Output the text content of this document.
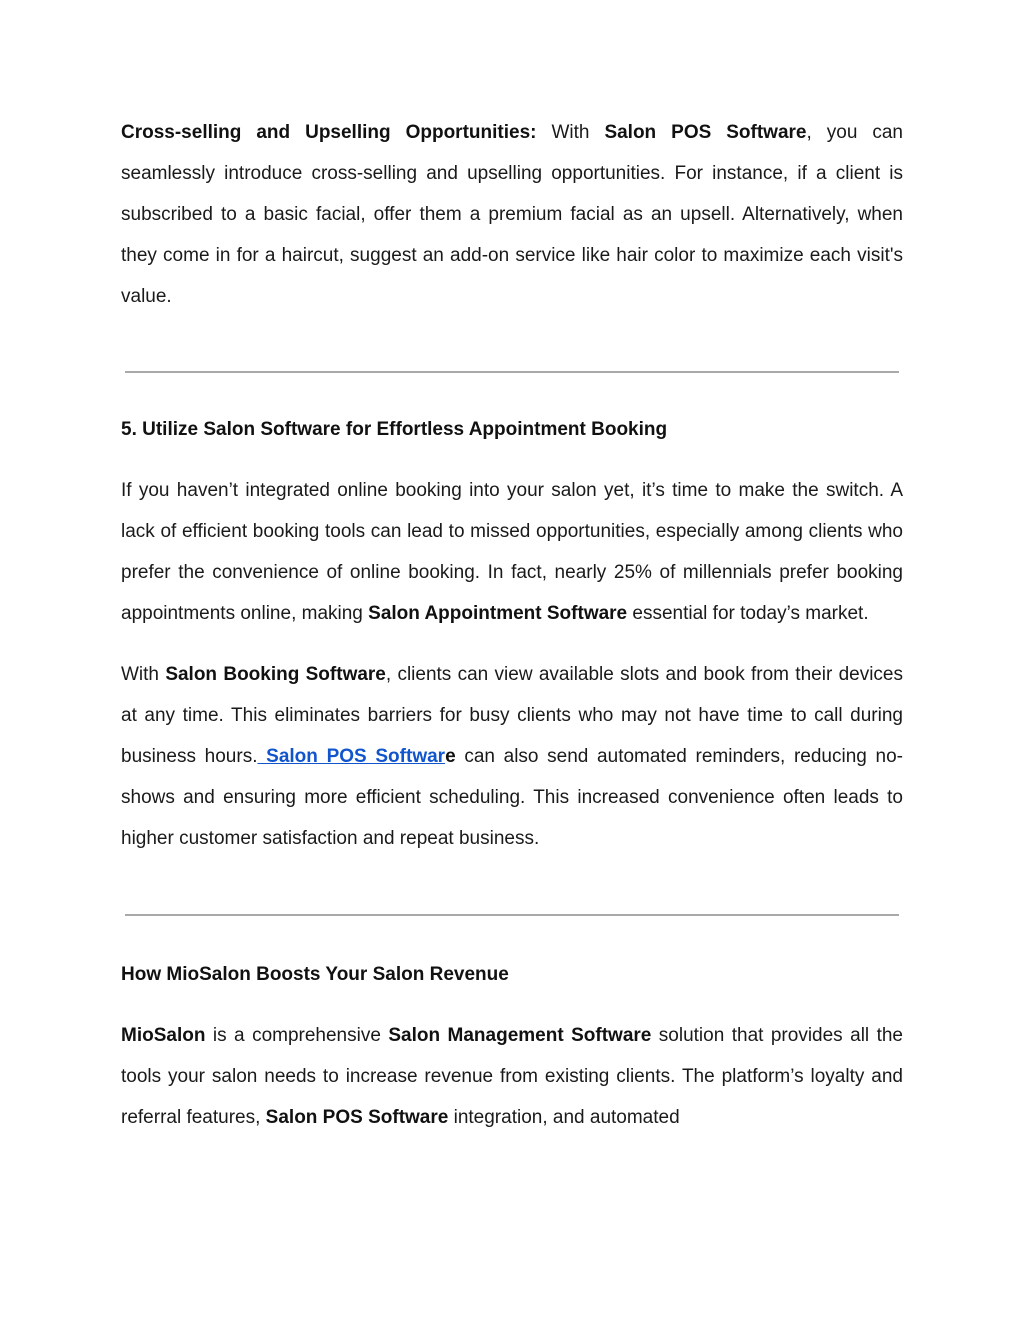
Cross-selling and Upselling Opportunities: With Salon POS Software, you can seamlessly introduce cross-selling and upselling opportunities. For instance, if a client is subscribed to a basic facial, offer them a premium facial as an upsell. Alternatively, when they come in for a haircut, suggest an add-on service like hair color to maximize each visit's value.

5. Utilize Salon Software for Effortless Appointment Booking

If you haven’t integrated online booking into your salon yet, it’s time to make the switch. A lack of efficient booking tools can lead to missed opportunities, especially among clients who prefer the convenience of online booking. In fact, nearly 25% of millennials prefer booking appointments online, making Salon Appointment Software essential for today’s market.

With Salon Booking Software, clients can view available slots and book from their devices at any time. This eliminates barriers for busy clients who may not have time to call during business hours. Salon POS Software can also send automated reminders, reducing no-shows and ensuring more efficient scheduling. This increased convenience often leads to higher customer satisfaction and repeat business.

How MioSalon Boosts Your Salon Revenue

MioSalon is a comprehensive Salon Management Software solution that provides all the tools your salon needs to increase revenue from existing clients. The platform’s loyalty and referral features, Salon POS Software integration, and automated
